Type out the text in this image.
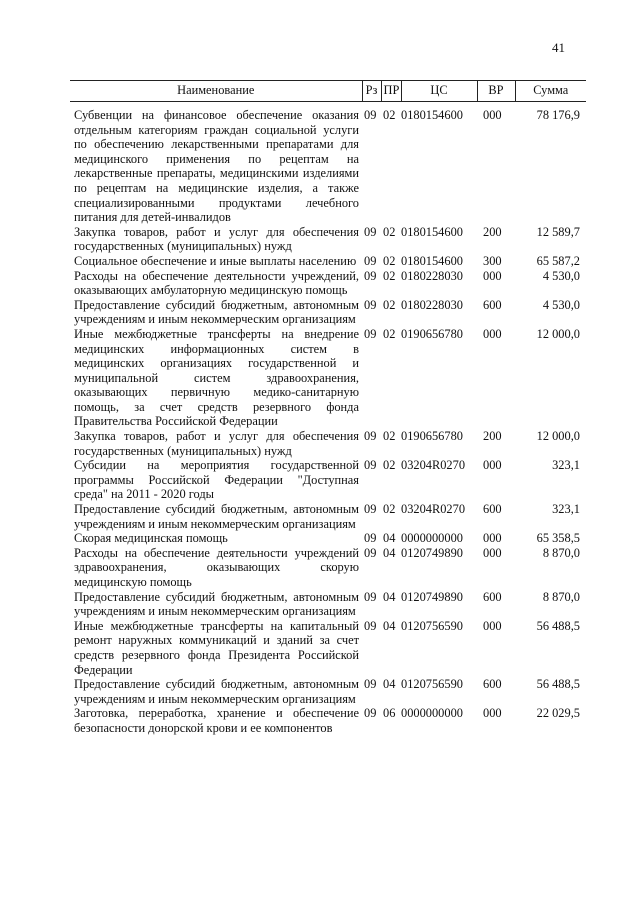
41
Наименование	Рз	ПР	ЦС	ВР	Сумма
Субвенции на финансовое обеспечение оказания отдельным категориям граждан социальной услуги по обеспечению лекарственными препаратами для медицинского применения по рецептам на лекарственные препараты, медицинскими изделиями по рецептам на медицинские изделия, а также специализированными продуктами лечебного питания для детей-инвалидов	09	02	0180154600	000	78 176,9
Закупка товаров, работ и услуг для обеспечения государственных (муниципальных) нужд	09	02	0180154600	200	12 589,7
Социальное обеспечение и иные выплаты населению	09	02	0180154600	300	65 587,2
Расходы на обеспечение деятельности учреждений, оказывающих амбулаторную медицинскую помощь	09	02	0180228030	000	4 530,0
Предоставление субсидий бюджетным, автономным учреждениям и иным некоммерческим организациям	09	02	0180228030	600	4 530,0
Иные межбюджетные трансферты на внедрение медицинских информационных систем в медицинских организациях государственной и муниципальной систем здравоохранения, оказывающих первичную медико-санитарную помощь, за счет средств резервного фонда Правительства Российской Федерации	09	02	0190656780	000	12 000,0
Закупка товаров, работ и услуг для обеспечения государственных (муниципальных) нужд	09	02	0190656780	200	12 000,0
Субсидии на мероприятия государственной программы Российской Федерации "Доступная среда" на 2011 - 2020 годы	09	02	03204R0270	000	323,1
Предоставление субсидий бюджетным, автономным учреждениям и иным некоммерческим организациям	09	02	03204R0270	600	323,1
Скорая медицинская помощь	09	04	0000000000	000	65 358,5
Расходы на обеспечение деятельности учреждений здравоохранения, оказывающих скорую медицинскую помощь	09	04	0120749890	000	8 870,0
Предоставление субсидий бюджетным, автономным учреждениям и иным некоммерческим организациям	09	04	0120749890	600	8 870,0
Иные межбюджетные трансферты на капитальный ремонт наружных коммуникаций и зданий за счет средств резервного фонда Президента Российской Федерации	09	04	0120756590	000	56 488,5
Предоставление субсидий бюджетным, автономным учреждениям и иным некоммерческим организациям	09	04	0120756590	600	56 488,5
Заготовка, переработка, хранение и обеспечение безопасности донорской крови и ее компонентов	09	06	0000000000	000	22 029,5
